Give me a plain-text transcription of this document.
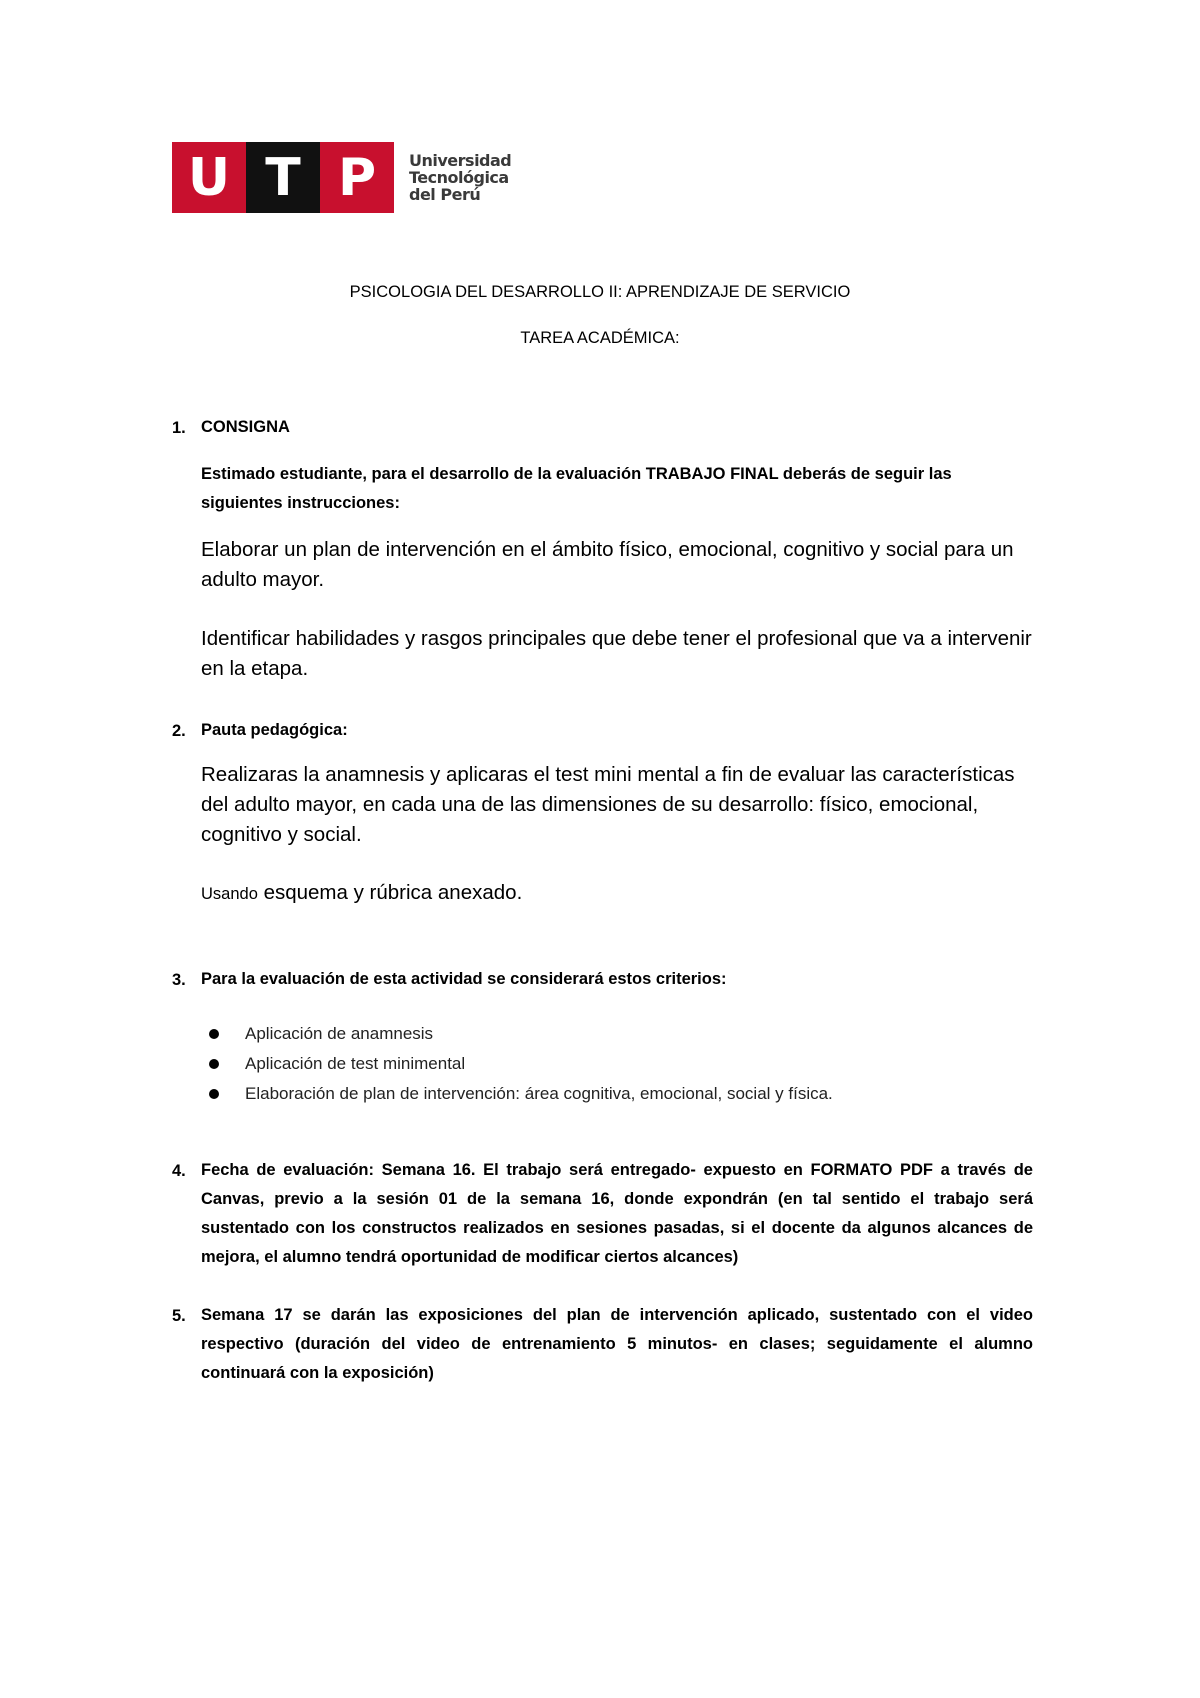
U T P	Universidad
Tecnológica
del Perú
PSICOLOGIA DEL DESARROLLO II: APRENDIZAJE DE SERVICIO
TAREA ACADÉMICA:
1. CONSIGNA
Estimado estudiante, para el desarrollo de la evaluación TRABAJO FINAL deberás de seguir las siguientes instrucciones:
Elaborar un plan de intervención en el ámbito físico, emocional, cognitivo y social para un adulto mayor.
Identificar habilidades y rasgos principales que debe tener el profesional que va a intervenir en la etapa.
2. Pauta pedagógica:
Realizaras la anamnesis y aplicaras el test mini mental a fin de evaluar las características del adulto mayor, en cada una de las dimensiones de su desarrollo: físico, emocional, cognitivo y social.
Usando esquema y rúbrica anexado.
3. Para la evaluación de esta actividad se considerará estos criterios:
Aplicación de anamnesis
Aplicación de test minimental
Elaboración de plan de intervención: área cognitiva, emocional, social y física.
4. Fecha de evaluación: Semana 16. El trabajo será entregado- expuesto en FORMATO PDF a través de Canvas, previo a la sesión 01 de la semana 16, donde expondrán (en tal sentido el trabajo será sustentado con los constructos realizados en sesiones pasadas, si el docente da algunos alcances de mejora, el alumno tendrá oportunidad de modificar ciertos alcances)
5. Semana 17 se darán las exposiciones del plan de intervención aplicado, sustentado con el video respectivo (duración del video de entrenamiento 5 minutos- en clases; seguidamente el alumno continuará con la exposición)
